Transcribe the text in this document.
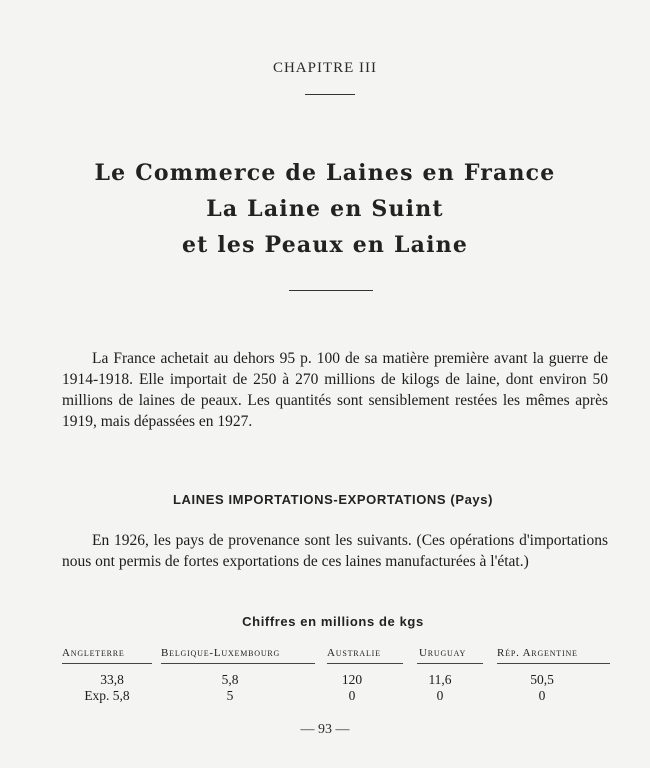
CHAPITRE III
Le Commerce de Laines en France
La Laine en Suint
et les Peaux en Laine
La France achetait au dehors 95 p. 100 de sa matière première avant la guerre de 1914-1918. Elle importait de 250 à 270 millions de kilogs de laine, dont environ 50 millions de laines de peaux. Les quantités sont sensiblement restées les mêmes après 1919, mais dépassées en 1927.
LAINES IMPORTATIONS-EXPORTATIONS (Pays)
En 1926, les pays de provenance sont les suivants. (Ces opérations d'importations nous ont permis de fortes exportations de ces laines manufacturées à l'état.)
Chiffres en millions de kgs
Angleterre	Belgique-Luxembourg	Australie	Uruguay	Rép. Argentine
33,8	5,8	120	11,6	50,5
Exp. 5,8	5	0	0	0
— 93 —
